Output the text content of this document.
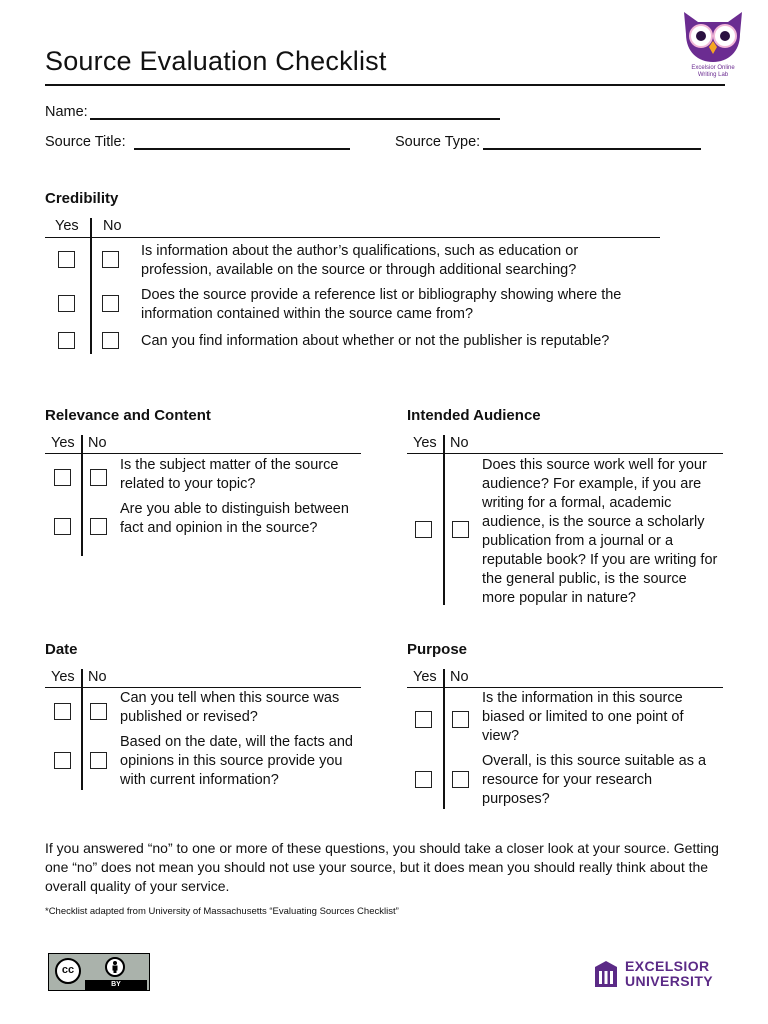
Excelsior Online
Writing Lab
Source Evaluation Checklist
Name:
Source Title:	Source Type:
Credibility
Yes No
Is information about the author’s qualifications, such as education or profession, available on the source or through additional searching?
Does the source provide a reference list or bibliography showing where the information contained within the source came from?
Can you find information about whether or not the publisher is reputable?
Relevance and Content
Yes No
Is the subject matter of the source related to your topic?
Are you able to distinguish between fact and opinion in the source?
Intended Audience
Yes No
Does this source work well for your audience? For example, if you are writing for a formal, academic audience, is the source a scholarly publication from a journal or a reputable book? If you are writing for the general public, is the source more popular in nature?
Date
Yes No
Can you tell when this source was published or revised?
Based on the date, will the facts and opinions in this source provide you with current information?
Purpose
Yes No
Is the information in this source biased or limited to one point of view?
Overall, is this source suitable as a resource for your research purposes?
If you answered “no” to one or more of these questions, you should take a closer look at your source. Getting one “no” does not mean you should not use your source, but it does mean you should really think about the overall quality of your service.
*Checklist adapted from University of Massachusetts “Evaluating Sources Checklist”
cc
BY
EXCELSIOR
UNIVERSITY
